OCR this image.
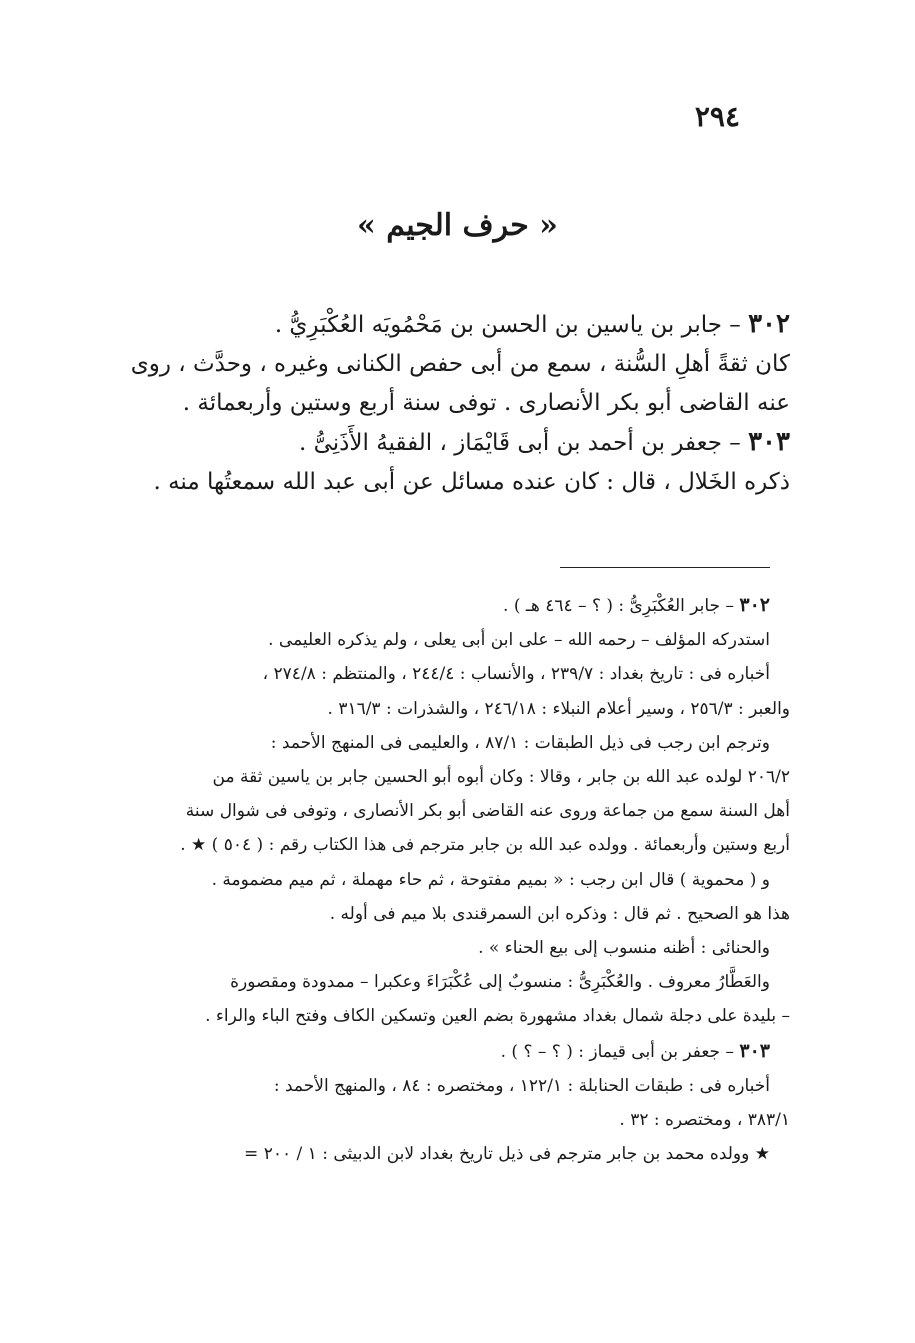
٢٩٤
« حرف الجيم »

٣٠٢ – جابر بن ياسين بن الحسن بن مَحْمُويَه العُكْبَرِيُّ .

كان ثقةً أهلِ السُّنة ، سمع من أبى حفص الكنانى وغيره ، وحدَّث ، روى

عنه القاضى أبو بكر الأنصارى . توفى سنة أربع وستين وأربعمائة .

٣٠٣ – جعفر بن أحمد بن أبى قَايْمَاز ، الفقيهُ الأَذَنِىُّ .

ذكره الخَلال ، قال : كان عنده مسائل عن أبى عبد الله سمعتُها منه .

٣٠٢ – جابر العُكْبَرِىُّ : ( ؟ – ٤٦٤ هـ ) .

استدركه المؤلف – رحمه الله – على ابن أبى يعلى ، ولم يذكره العليمى .

أخباره فى : تاريخ بغداد : ٢٣٩/٧ ، والأنساب : ٢٤٤/٤ ، والمنتظم : ٢٧٤/٨ ،

والعبر : ٢٥٦/٣ ، وسير أعلام النبلاء : ٢٤٦/١٨ ، والشذرات : ٣١٦/٣ .

وترجم ابن رجب فى ذيل الطبقات : ٨٧/١ ، والعليمى فى المنهج الأحمد :

٢٠٦/٢ لولده عبد الله بن جابر ، وقالا : وكان أبوه أبو الحسين جابر بن ياسين ثقة من

أهل السنة سمع من جماعة وروى عنه القاضى أبو بكر الأنصارى ، وتوفى فى شوال سنة

أربع وستين وأربعمائة . وولده عبد الله بن جابر مترجم فى هذا الكتاب رقم : ( ٥٠٤ ) ★ .

و ( محموية ) قال ابن رجب : « بميم مفتوحة ، ثم حاء مهملة ، ثم ميم مضمومة .

هذا هو الصحيح . ثم قال : وذكره ابن السمرقندى بلا ميم فى أوله .

والحنائى : أظنه منسوب إلى بيع الحناء » .

والعَطَّارُ معروف . والعُكْبَرِىُّ : منسوبٌ إلى عُكْبَرَاءَ وعكبرا – ممدودة ومقصورة

– بليدة على دجلة شمال بغداد مشهورة بضم العين وتسكين الكاف وفتح الباء والراء .

٣٠٣ – جعفر بن أبى قيماز : ( ؟ – ؟ ) .

أخباره فى : طبقات الحنابلة : ١٢٢/١ ، ومختصره : ٨٤ ، والمنهج الأحمد :

٣٨٣/١ ، ومختصره : ٣٢ .

★ وولده محمد بن جابر مترجم فى ذيل تاريخ بغداد لابن الدبيثى : ١ / ٢٠٠ =
